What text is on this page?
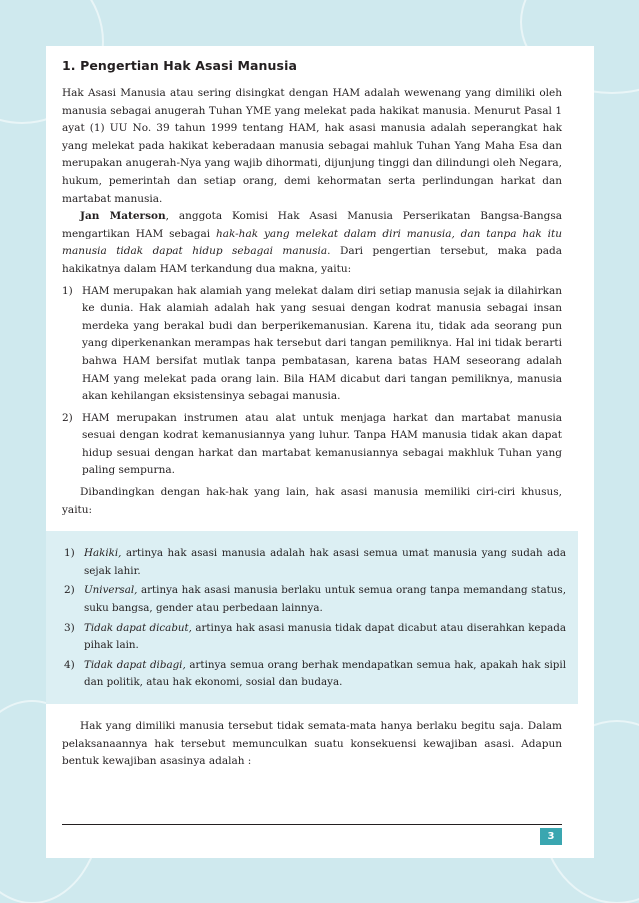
1. Pengertian Hak Asasi Manusia

Hak Asasi Manusia atau sering disingkat dengan HAM adalah wewenang yang dimiliki oleh manusia sebagai anugerah Tuhan YME yang melekat pada hakikat manusia. Menurut Pasal 1 ayat (1) UU No. 39 tahun 1999 tentang HAM, hak asasi manusia adalah seperangkat hak yang melekat pada hakikat keberadaan manusia sebagai mahluk Tuhan Yang Maha Esa dan merupakan anugerah-Nya yang wajib dihormati, dijunjung tinggi dan dilindungi oleh Negara, hukum, pemerintah dan setiap orang, demi kehormatan serta perlindungan harkat dan martabat manusia.

Jan Materson, anggota Komisi Hak Asasi Manusia Perserikatan Bangsa-Bangsa mengartikan HAM sebagai hak-hak yang melekat dalam diri manusia, dan tanpa hak itu manusia tidak dapat hidup sebagai manusia. Dari pengertian tersebut, maka pada hakikatnya dalam HAM terkandung dua makna, yaitu:

1) HAM merupakan hak alamiah yang melekat dalam diri setiap manusia sejak ia dilahirkan ke dunia. Hak alamiah adalah hak yang sesuai dengan kodrat manusia sebagai insan merdeka yang berakal budi dan berperikemanusian. Karena itu, tidak ada seorang pun yang diperkenankan merampas hak tersebut dari tangan pemiliknya. Hal ini tidak berarti bahwa HAM bersifat mutlak tanpa pembatasan, karena batas HAM seseorang adalah HAM yang melekat pada orang lain. Bila HAM dicabut dari tangan pemiliknya, manusia akan kehilangan eksistensinya sebagai manusia.

2) HAM merupakan instrumen atau alat untuk menjaga harkat dan martabat manusia sesuai dengan kodrat kemanusiannya yang luhur. Tanpa HAM manusia tidak akan dapat hidup sesuai dengan harkat dan martabat kemanusiannya sebagai makhluk Tuhan yang paling sempurna.

Dibandingkan dengan hak-hak yang lain, hak asasi manusia memiliki ciri-ciri khusus, yaitu:

1) Hakiki, artinya hak asasi manusia adalah hak asasi semua umat manusia yang sudah ada sejak lahir.

2) Universal, artinya hak asasi manusia berlaku untuk semua orang tanpa memandang status, suku bangsa, gender atau perbedaan lainnya.

3) Tidak dapat dicabut, artinya hak asasi manusia tidak dapat dicabut atau diserahkan kepada pihak lain.

4) Tidak dapat dibagi, artinya semua orang berhak mendapatkan semua hak, apakah hak sipil dan politik, atau hak ekonomi, sosial dan budaya.

Hak yang dimiliki manusia tersebut tidak semata-mata hanya berlaku begitu saja. Dalam pelaksanaannya hak tersebut memunculkan suatu konsekuensi kewajiban asasi. Adapun bentuk kewajiban asasinya adalah :

3
